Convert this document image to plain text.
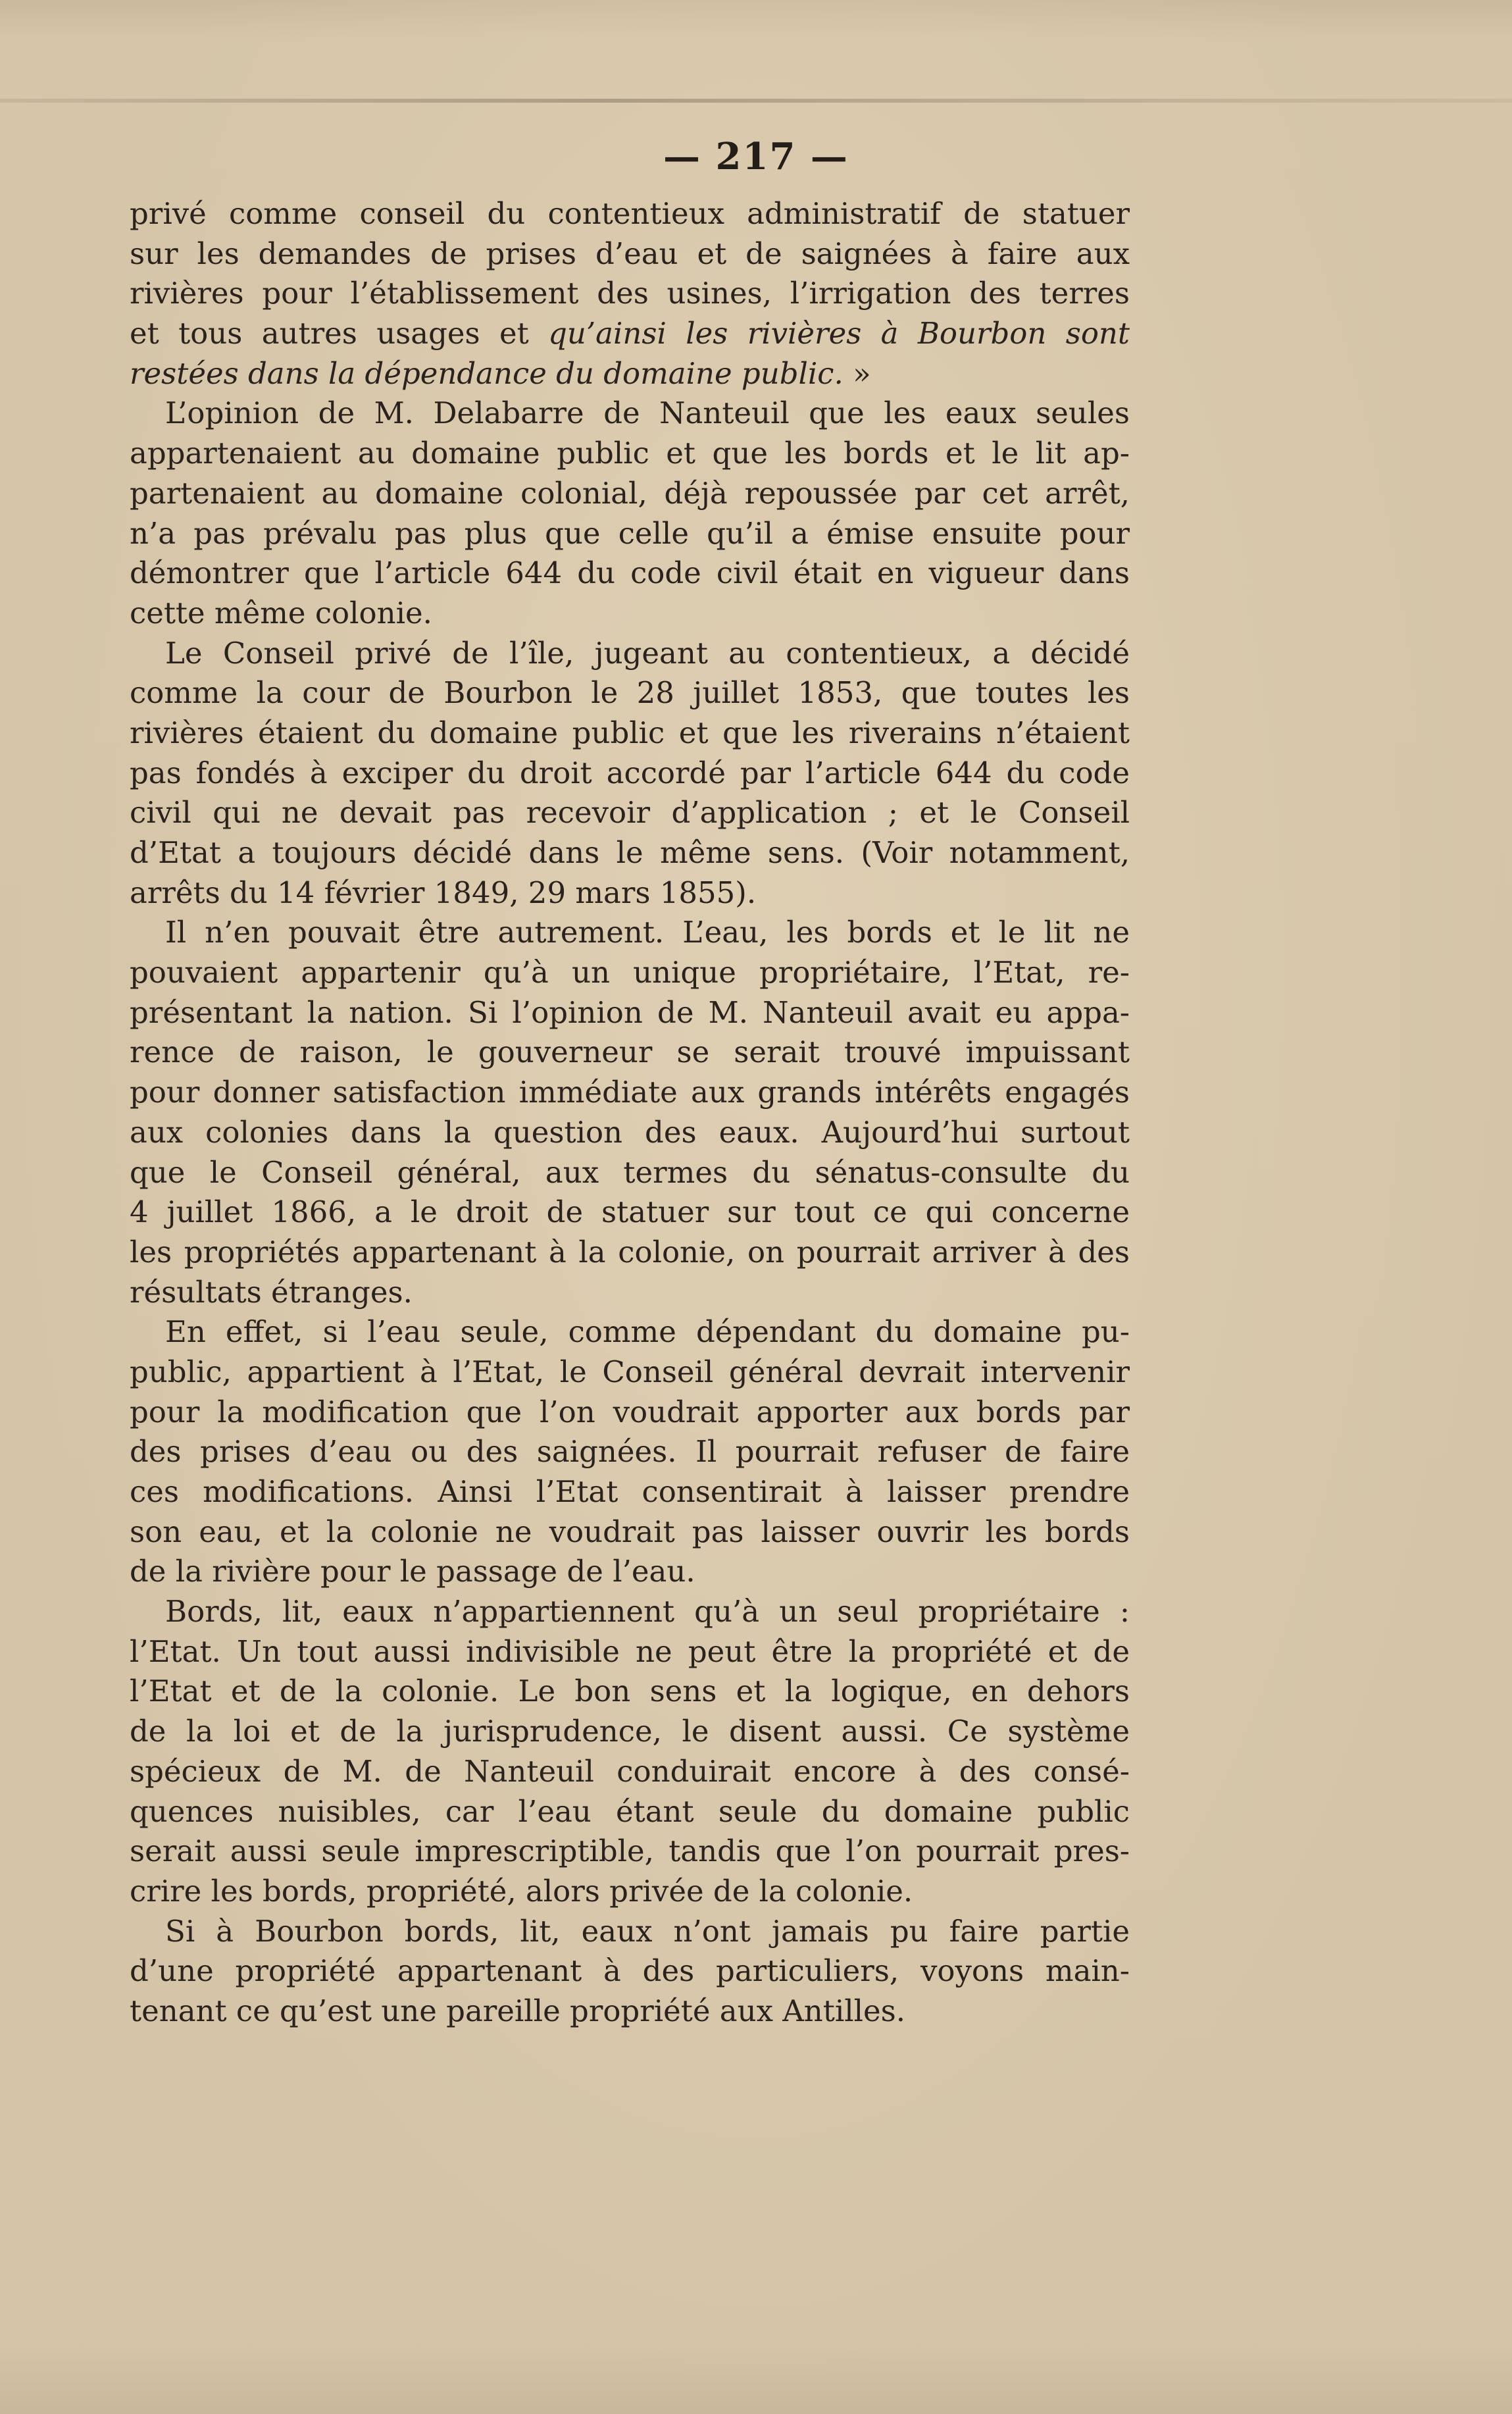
— 217 —
privé comme conseil du contentieux administratif de statuer
sur les demandes de prises d’eau et de saignées à faire aux
rivières pour l’établissement des usines, l’irrigation des terres
et tous autres usages et qu’ainsi les rivières à Bourbon sont
restées dans la dépendance du domaine public. »
L’opinion de M. Delabarre de Nanteuil que les eaux seules
appartenaient au domaine public et que les bords et le lit ap-
partenaient au domaine colonial, déjà repoussée par cet arrêt,
n’a pas prévalu pas plus que celle qu’il a émise ensuite pour
démontrer que l’article 644 du code civil était en vigueur dans
cette même colonie.
Le Conseil privé de l’île, jugeant au contentieux, a décidé
comme la cour de Bourbon le 28 juillet 1853, que toutes les
rivières étaient du domaine public et que les riverains n’étaient
pas fondés à exciper du droit accordé par l’article 644 du code
civil qui ne devait pas recevoir d’application ; et le Conseil
d’Etat a toujours décidé dans le même sens. (Voir notamment,
arrêts du 14 février 1849, 29 mars 1855).
Il n’en pouvait être autrement. L’eau, les bords et le lit ne
pouvaient appartenir qu’à un unique propriétaire, l’Etat, re-
présentant la nation. Si l’opinion de M. Nanteuil avait eu appa-
rence de raison, le gouverneur se serait trouvé impuissant
pour donner satisfaction immédiate aux grands intérêts engagés
aux colonies dans la question des eaux. Aujourd’hui surtout
que le Conseil général, aux termes du sénatus-consulte du
4 juillet 1866, a le droit de statuer sur tout ce qui concerne
les propriétés appartenant à la colonie, on pourrait arriver à des
résultats étranges.
En effet, si l’eau seule, comme dépendant du domaine pu-
public, appartient à l’Etat, le Conseil général devrait intervenir
pour la modification que l’on voudrait apporter aux bords par
des prises d’eau ou des saignées. Il pourrait refuser de faire
ces modifications. Ainsi l’Etat consentirait à laisser prendre
son eau, et la colonie ne voudrait pas laisser ouvrir les bords
de la rivière pour le passage de l’eau.
Bords, lit, eaux n’appartiennent qu’à un seul propriétaire :
l’Etat. Un tout aussi indivisible ne peut être la propriété et de
l’Etat et de la colonie. Le bon sens et la logique, en dehors
de la loi et de la jurisprudence, le disent aussi. Ce système
spécieux de M. de Nanteuil conduirait encore à des consé-
quences nuisibles, car l’eau étant seule du domaine public
serait aussi seule imprescriptible, tandis que l’on pourrait pres-
crire les bords, propriété, alors privée de la colonie.
Si à Bourbon bords, lit, eaux n’ont jamais pu faire partie
d’une propriété appartenant à des particuliers, voyons main-
tenant ce qu’est une pareille propriété aux Antilles.
